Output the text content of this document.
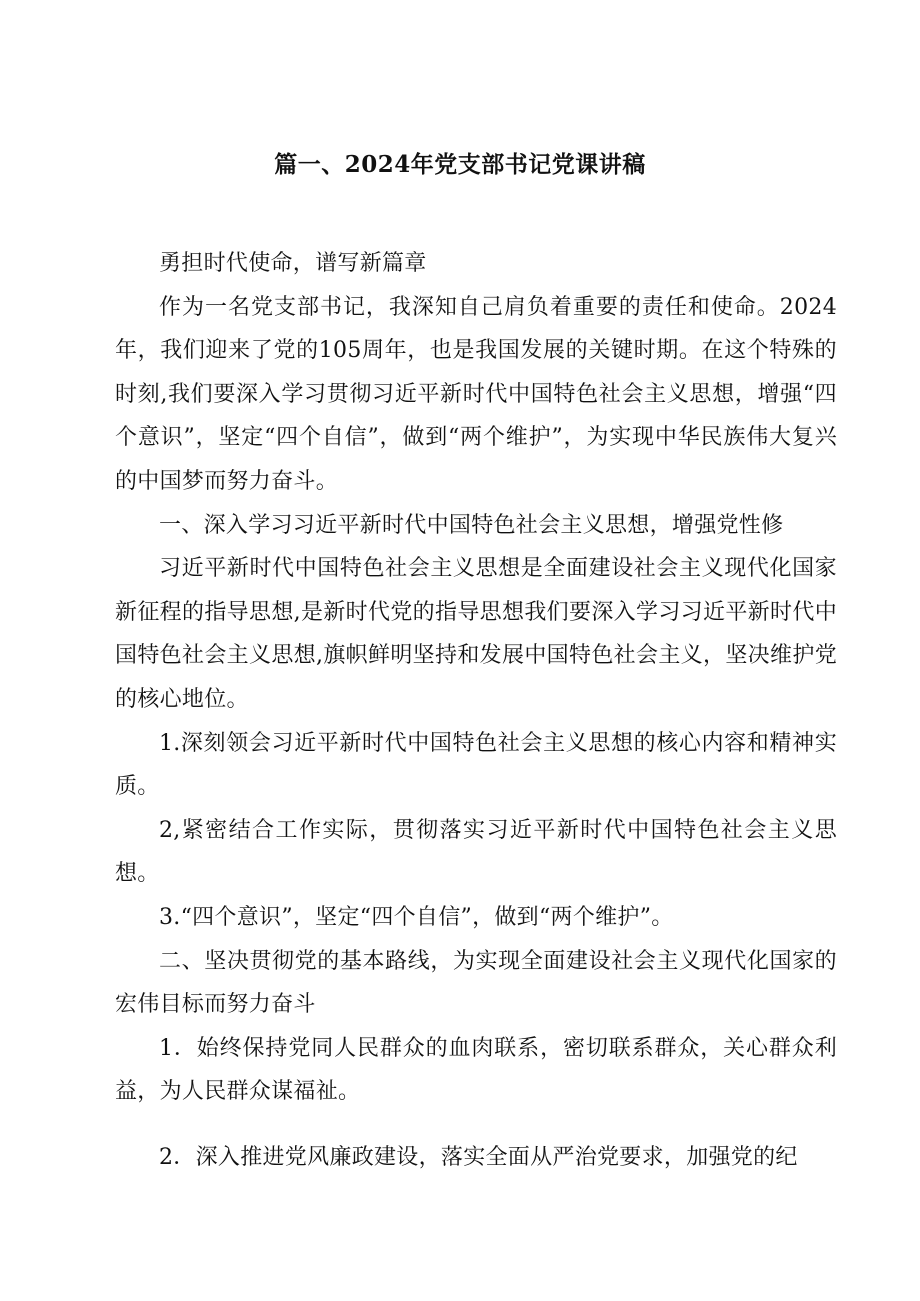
篇一、2024年党支部书记党课讲稿

勇担时代使命，谱写新篇章

作为一名党支部书记，我深知自己肩负着重要的责任和使命。2024年，我们迎来了党的105周年，也是我国发展的关键时期。在这个特殊的时刻,我们要深入学习贯彻习近平新时代中国特色社会主义思想，增强“四个意识”，坚定“四个自信”，做到“两个维护”，为实现中华民族伟大复兴的中国梦而努力奋斗。

一、深入学习习近平新时代中国特色社会主义思想，增强党性修

习近平新时代中国特色社会主义思想是全面建设社会主义现代化国家新征程的指导思想,是新时代党的指导思想我们要深入学习习近平新时代中国特色社会主义思想,旗帜鲜明坚持和发展中国特色社会主义，坚决维护党的核心地位。

1.深刻领会习近平新时代中国特色社会主义思想的核心内容和精神实质。

2,紧密结合工作实际，贯彻落实习近平新时代中国特色社会主义思想。

3.“四个意识”，坚定“四个自信”，做到“两个维护”。

二、坚决贯彻党的基本路线，为实现全面建设社会主义现代化国家的宏伟目标而努力奋斗

1．始终保持党同人民群众的血肉联系，密切联系群众，关心群众利益，为人民群众谋福祉。

2．深入推进党风廉政建设，落实全面从严治党要求，加强党的纪
